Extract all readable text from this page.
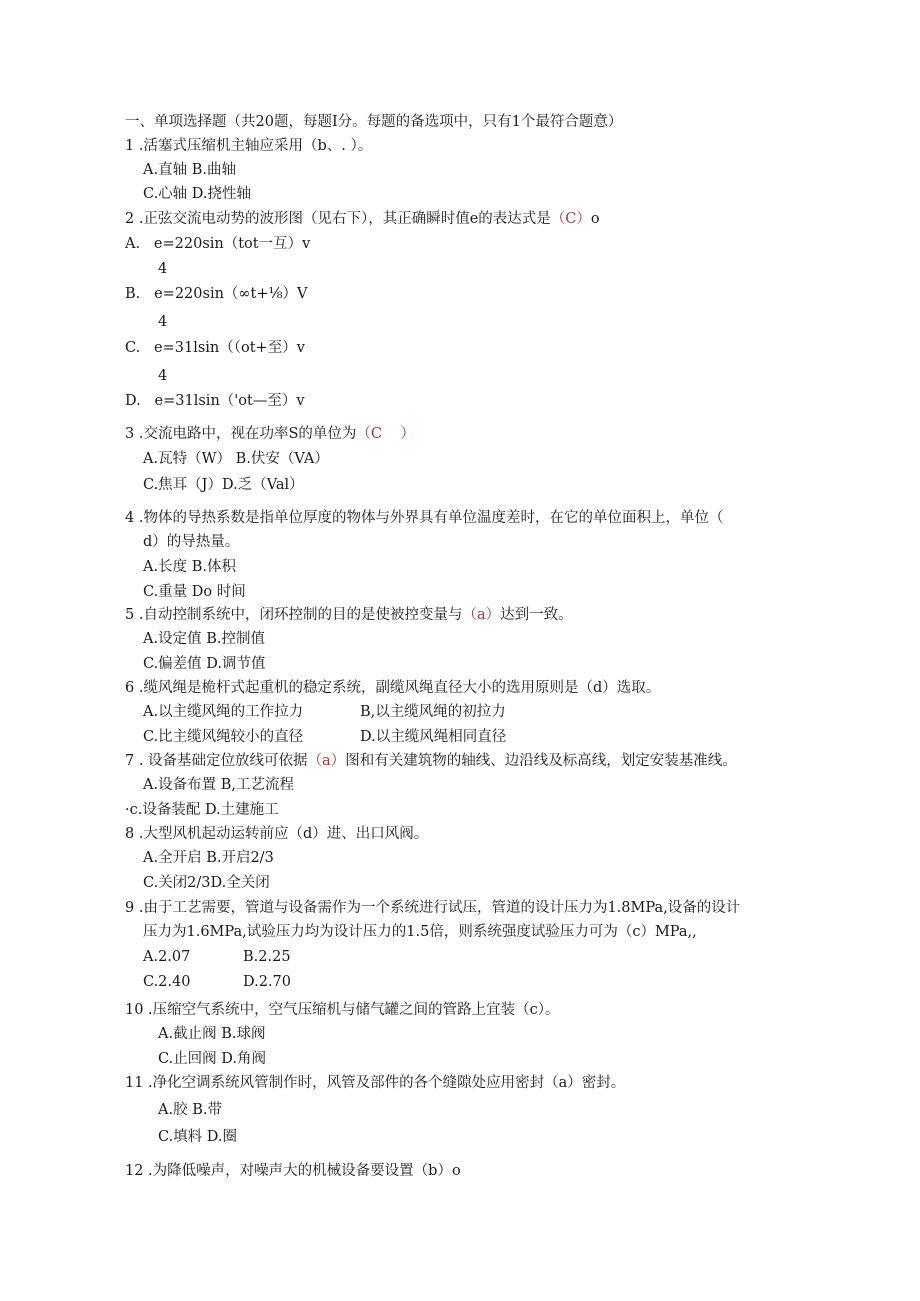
一、单项选择题（共20题，每题I分。每题的备选项中，只有1个最符合题意）
1 .活塞式压缩机主轴应采用（b、. ）。
A.直轴 B.曲轴
C.心轴 D.挠性轴
2 .正弦交流电动势的波形图（见右下），其正确瞬时值e的表达式是（C）o
A.   e=220sin（tot一互）v
4
B.   e=220sin（∞t+⅛）V
4
C.   e=31lsin（（ot+至）v
4
D.   e=31lsin（'ot—至）v
3 .交流电路中，视在功率S的单位为（C    ）
A.瓦特（W） B.伏安（VA）
C.焦耳（J）D.乏（Val）
4 .物体的导热系数是指单位厚度的物体与外界具有单位温度差时，在它的单位面积上，单位（
d）的导热量。
A.长度 B.体积
C.重量 Do 时间
5 .自动控制系统中，闭环控制的目的是使被控变量与（a）达到一致。
A.设定值 B.控制值
C.偏差值 D.调节值
6 .缆风绳是桅杆式起重机的稳定系统，副缆风绳直径大小的选用原则是（d）选取。
A.以主缆风绳的工作拉力	B,以主缆风绳的初拉力
C.比主缆风绳较小的直径	D.以主缆风绳相同直径
7 . 设备基础定位放线可依据（a）图和有关建筑物的轴线、边沿线及标高线，划定安装基准线。
A.设备布置 B,工艺流程
·c.设备装配 D.土建施工
8 .大型风机起动运转前应（d）进、出口风阀。
A.全开启 B.开启2/3
C.关闭2/3D.全关闭
9 .由于工艺需要，管道与设备需作为一个系统进行试压，管道的设计压力为1.8MPa,设备的设计
压力为1.6MPa,试验压力均为设计压力的1.5倍，则系统强度试验压力可为（c）MPa,,
A.2.07	B.2.25
C.2.40	D.2.70
10 .压缩空气系统中，空气压缩机与储气罐之间的管路上宜装（c）。
A.截止阀 B.球阀
C.止回阀 D.角阀
11 .净化空调系统风管制作时，风管及部件的各个缝隙处应用密封（a）密封。
A.胶 B.带
C.填料 D.圈
12 .为降低噪声，对噪声大的机械设备要设置（b）o
